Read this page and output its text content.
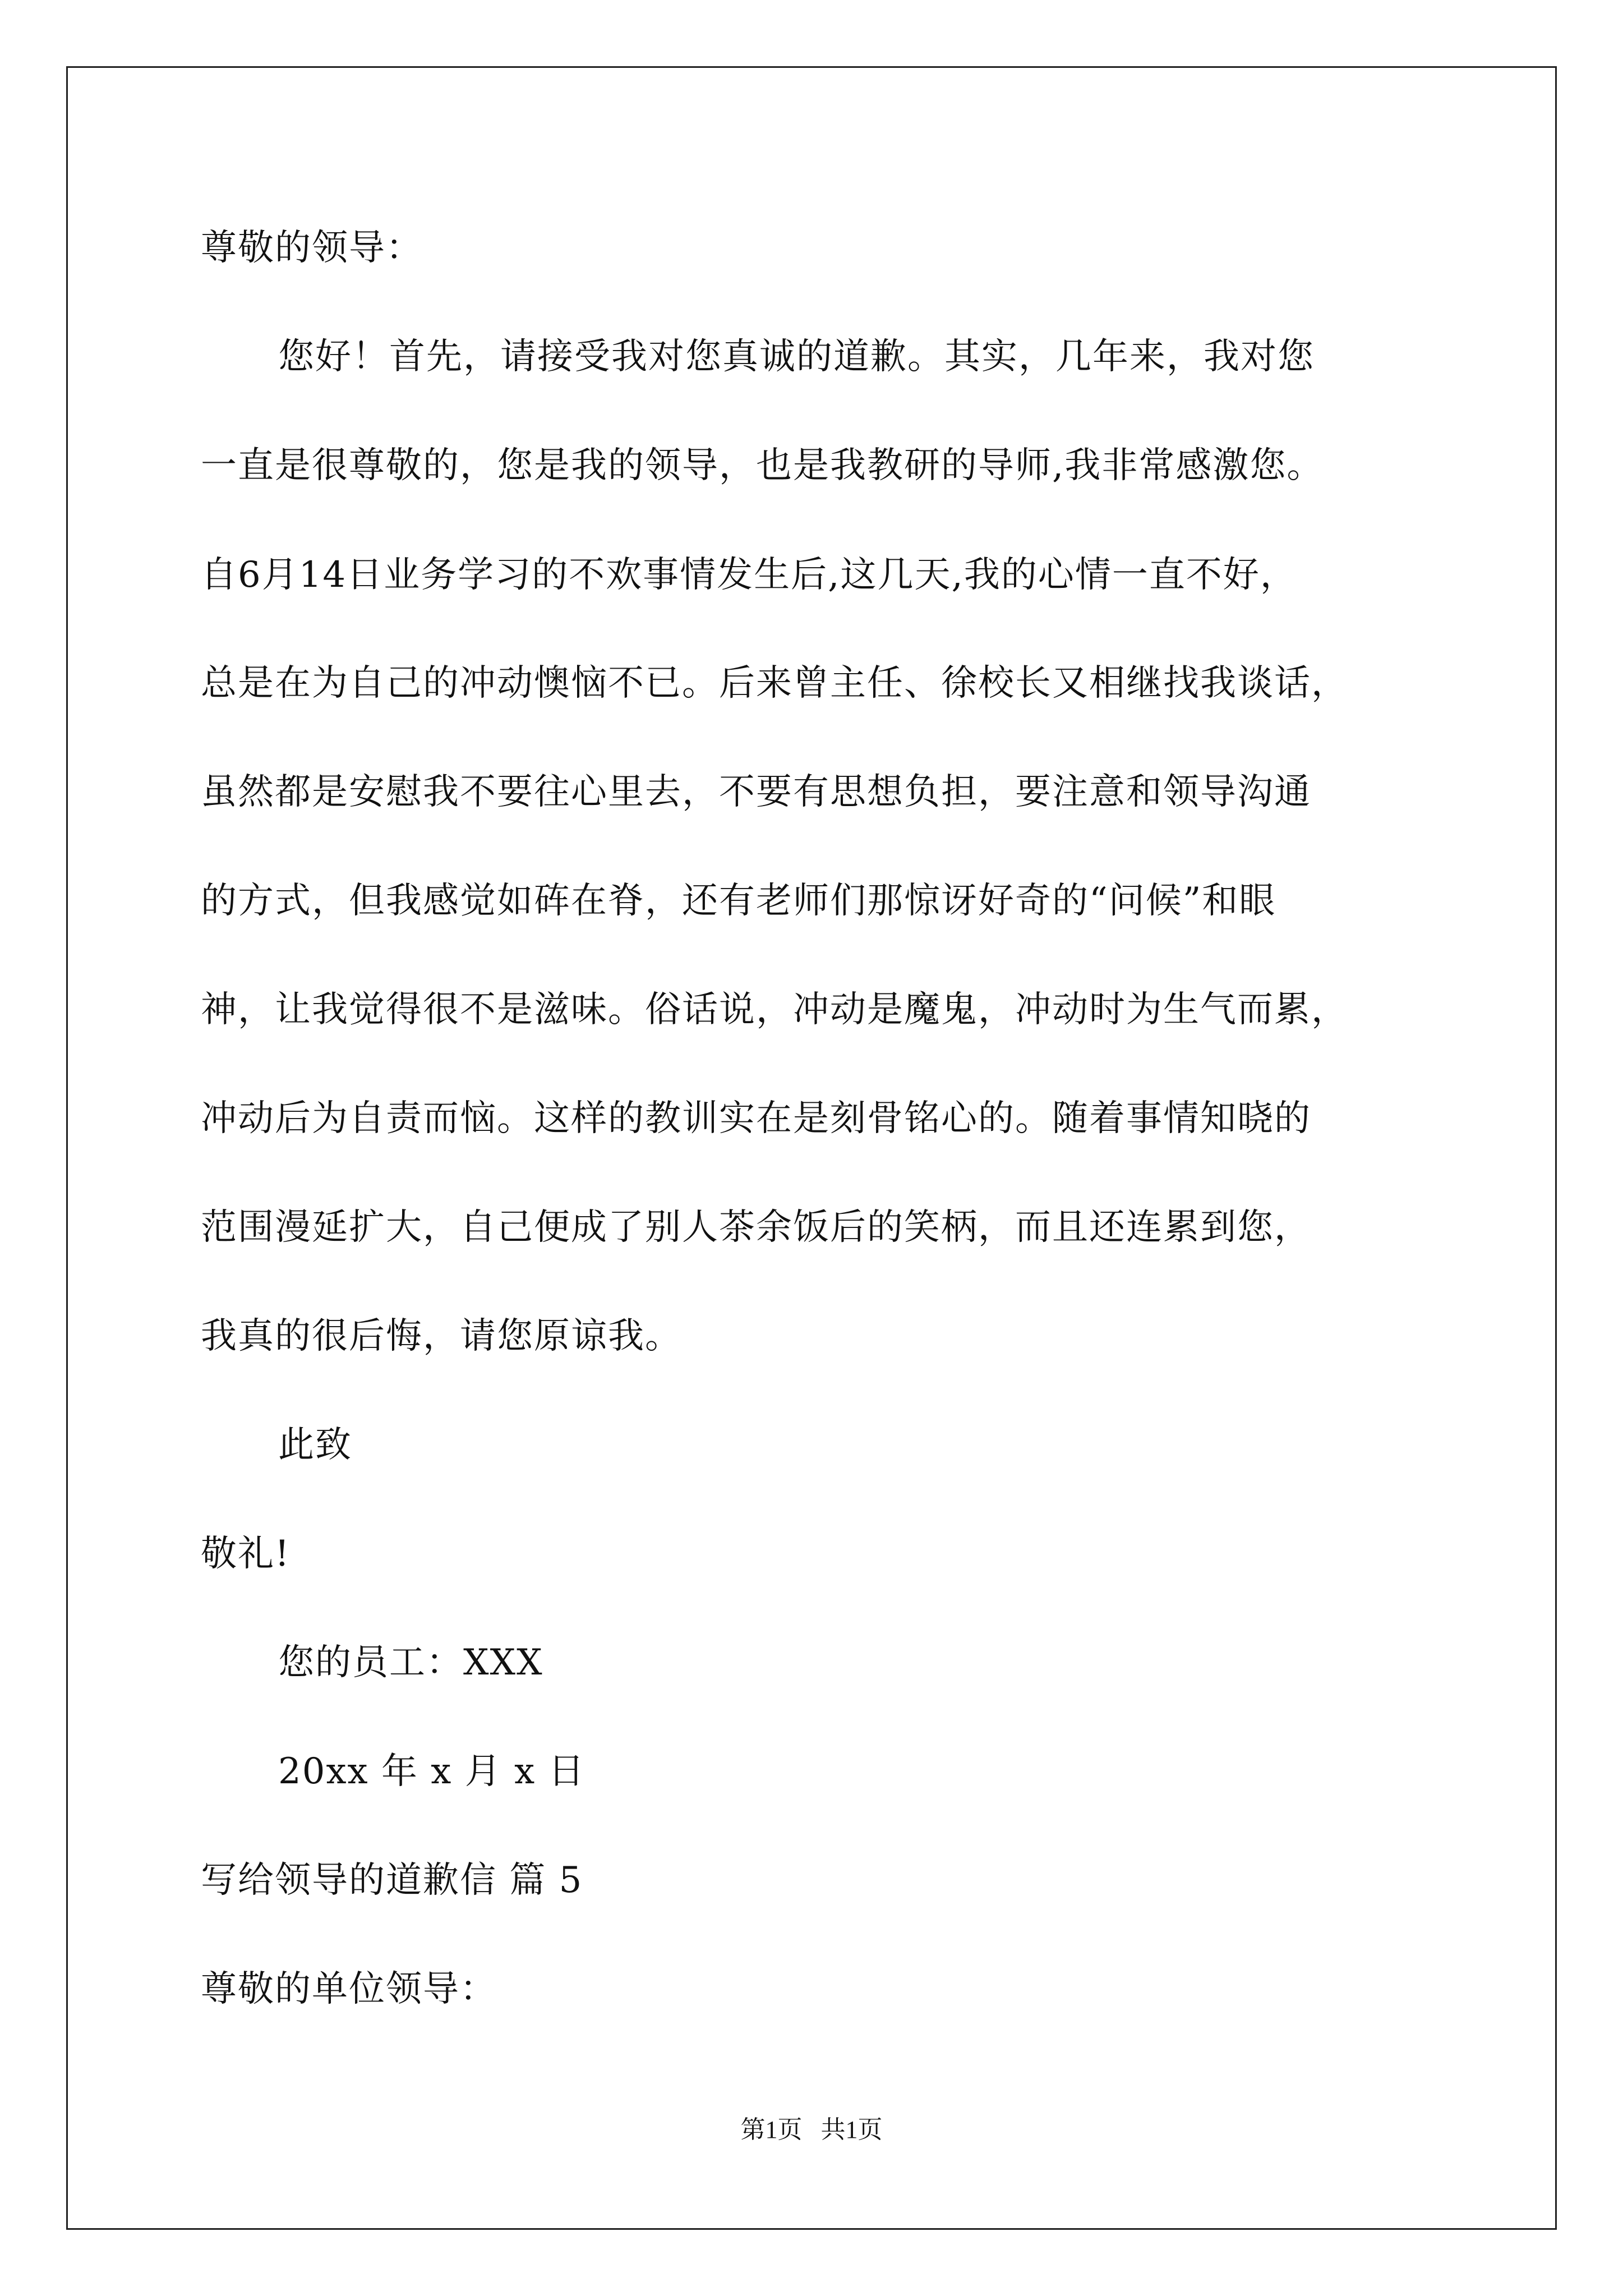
尊敬的领导：
您好！首先，请接受我对您真诚的道歉。其实，几年来，我对您
一直是很尊敬的，您是我的领导，也是我教研的导师,我非常感激您。
自6月14日业务学习的不欢事情发生后,这几天,我的心情一直不好，
总是在为自己的冲动懊恼不已。后来曾主任、徐校长又相继找我谈话，
虽然都是安慰我不要往心里去，不要有思想负担，要注意和领导沟通
的方式，但我感觉如砗在脊，还有老师们那惊讶好奇的“问候”和眼
神，让我觉得很不是滋味。俗话说，冲动是魔鬼，冲动时为生气而累，
冲动后为自责而恼。这样的教训实在是刻骨铭心的。随着事情知晓的
范围漫延扩大，自己便成了别人茶余饭后的笑柄，而且还连累到您，
我真的很后悔，请您原谅我。
此致
敬礼!
您的员工：XXX
20xx 年 x 月 x 日
写给领导的道歉信 篇 5
尊敬的单位领导：
第1页   共1页
